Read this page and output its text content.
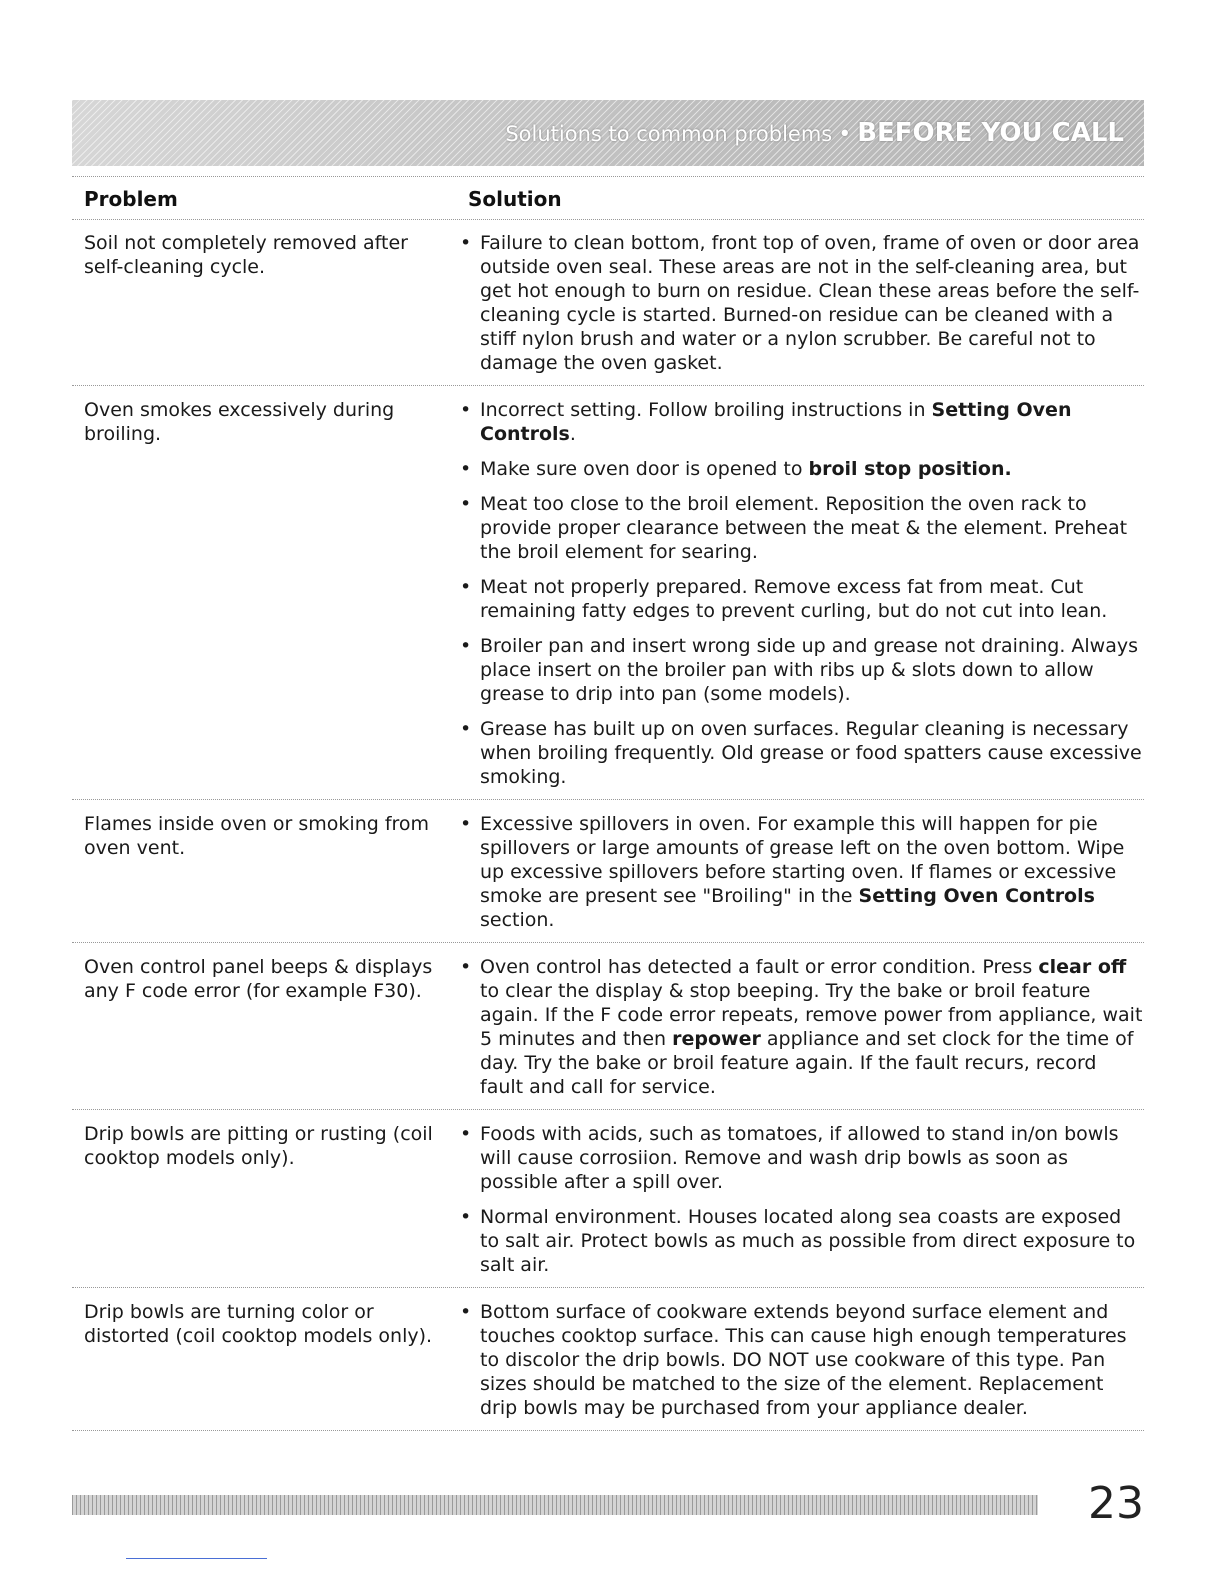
Solutions to common problems • BEFORE YOU CALL
Problem	Solution
Soil not completely removed after self-cleaning cycle.
• Failure to clean bottom, front top of oven, frame of oven or door area outside oven seal. These areas are not in the self-cleaning area, but get hot enough to burn on residue. Clean these areas before the self-cleaning cycle is started. Burned-on residue can be cleaned with a stiff nylon brush and water or a nylon scrubber. Be careful not to damage the oven gasket.
Oven smokes excessively during broiling.
• Incorrect setting. Follow broiling instructions in Setting Oven Controls.
• Make sure oven door is opened to broil stop position.
• Meat too close to the broil element. Reposition the oven rack to provide proper clearance between the meat & the element. Preheat the broil element for searing.
• Meat not properly prepared. Remove excess fat from meat. Cut remaining fatty edges to prevent curling, but do not cut into lean.
• Broiler pan and insert wrong side up and grease not draining. Always place insert on the broiler pan with ribs up & slots down to allow grease to drip into pan (some models).
• Grease has built up on oven surfaces. Regular cleaning is necessary when broiling frequently. Old grease or food spatters cause excessive smoking.
Flames inside oven or smoking from oven vent.
• Excessive spillovers in oven. For example this will happen for pie spillovers or large amounts of grease left on the oven bottom. Wipe up excessive spillovers before starting oven. If flames or excessive smoke are present see "Broiling" in the Setting Oven Controls section.
Oven control panel beeps & displays any F code error (for example F30).
• Oven control has detected a fault or error condition. Press clear off to clear the display & stop beeping. Try the bake or broil feature again. If the F code error repeats, remove power from appliance, wait 5 minutes and then repower appliance and set clock for the time of day. Try the bake or broil feature again. If the fault recurs, record fault and call for service.
Drip bowls are pitting or rusting (coil cooktop models only).
• Foods with acids, such as tomatoes, if allowed to stand in/on bowls will cause corrosiion. Remove and wash drip bowls as soon as possible after a spill over.
• Normal environment. Houses located along sea coasts are exposed to salt air. Protect bowls as much as possible from direct exposure to salt air.
Drip bowls are turning color or distorted (coil cooktop models only).
• Bottom surface of cookware extends beyond surface element and touches cooktop surface. This can cause high enough temperatures to discolor the drip bowls. DO NOT use cookware of this type. Pan sizes should be matched to the size of the element. Replacement drip bowls may be purchased from your appliance dealer.
23
